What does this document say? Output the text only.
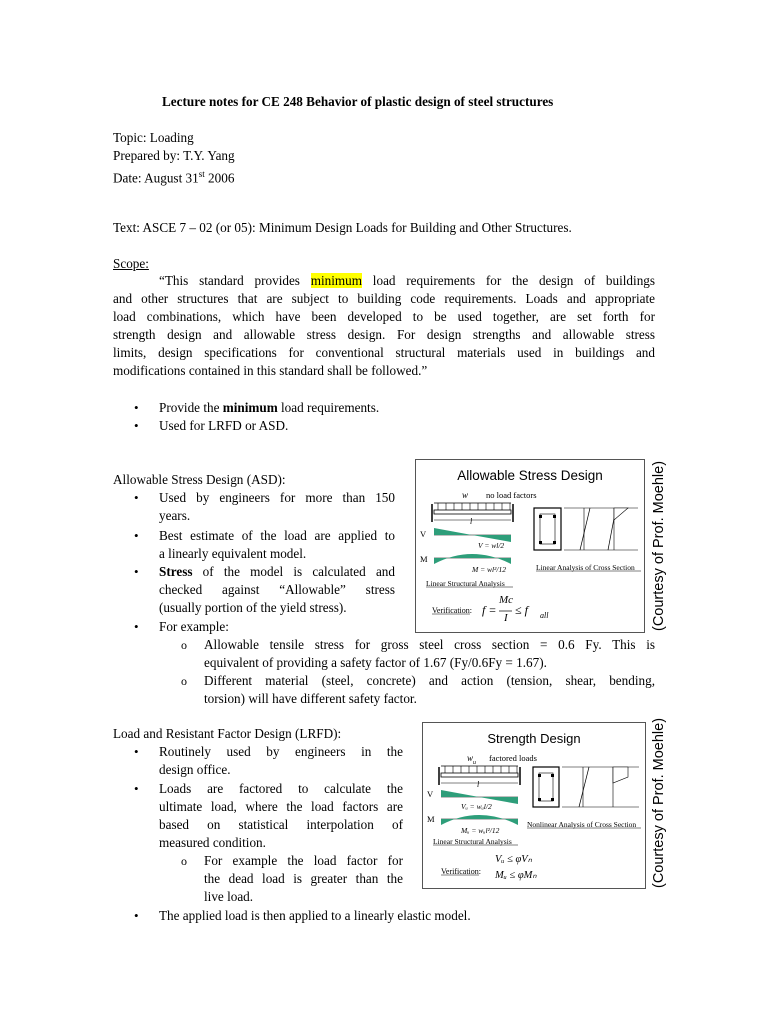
Lecture notes for CE 248 Behavior of plastic design of steel structures
Topic: Loading
Prepared by: T.Y. Yang
Date: August 31st 2006
Text: ASCE 7 – 02 (or 05): Minimum Design Loads for Building and Other Structures.
Scope:
“This standard provides minimum load requirements for the design of buildings
and other structures that are subject to building code requirements. Loads and appropriate
load combinations, which have been developed to be used together, are set forth for
strength design and allowable stress design. For design strengths and allowable stress
limits, design specifications for conventional structural materials used in buildings and
modifications contained in this standard shall be followed.”
• Provide the minimum load requirements.
• Used for LRFD or ASD.
Allowable Stress Design (ASD):
• Used by engineers for more than 150
years.
• Best estimate of the load are applied to
a linearly equivalent model.
• Stress of the model is calculated and
checked against “Allowable” stress
(usually portion of the yield stress).
• For example:
o Allowable tensile stress for gross steel cross section = 0.6 Fy. This is
equivalent of providing a safety factor of 1.67 (Fy/0.6Fy = 1.67).
o Different material (steel, concrete) and action (tension, shear, bending,
torsion) will have different safety factor.
Load and Resistant Factor Design (LRFD):
• Routinely used by engineers in the
design office.
• Loads are factored to calculate the
ultimate load, where the load factors are
based on statistical interpolation of
measured condition.
o For example the load factor for
the dead load is greater than the
live load.
• The applied load is then applied to a linearly elastic model.
Allowable Stress Design
w no load factors
l
V
M
V = wl/2
M = wl²/12
Linear Structural Analysis
Linear Analysis of Cross Section
Verification: f =
Mc
I
≤ f all	(Courtesy of Prof. Moehle)
Strength Design
$w_u$ factored loads
l
V
M
Vᵤ = wᵤl/2
Mᵤ = wᵤl²/12
Linear Structural Analysis
Nonlinear Analysis of Cross Section
Verification:
Vᵤ ≤ φVₙ
Mᵤ ≤ φMₙ	(Courtesy of Prof. Moehle)
